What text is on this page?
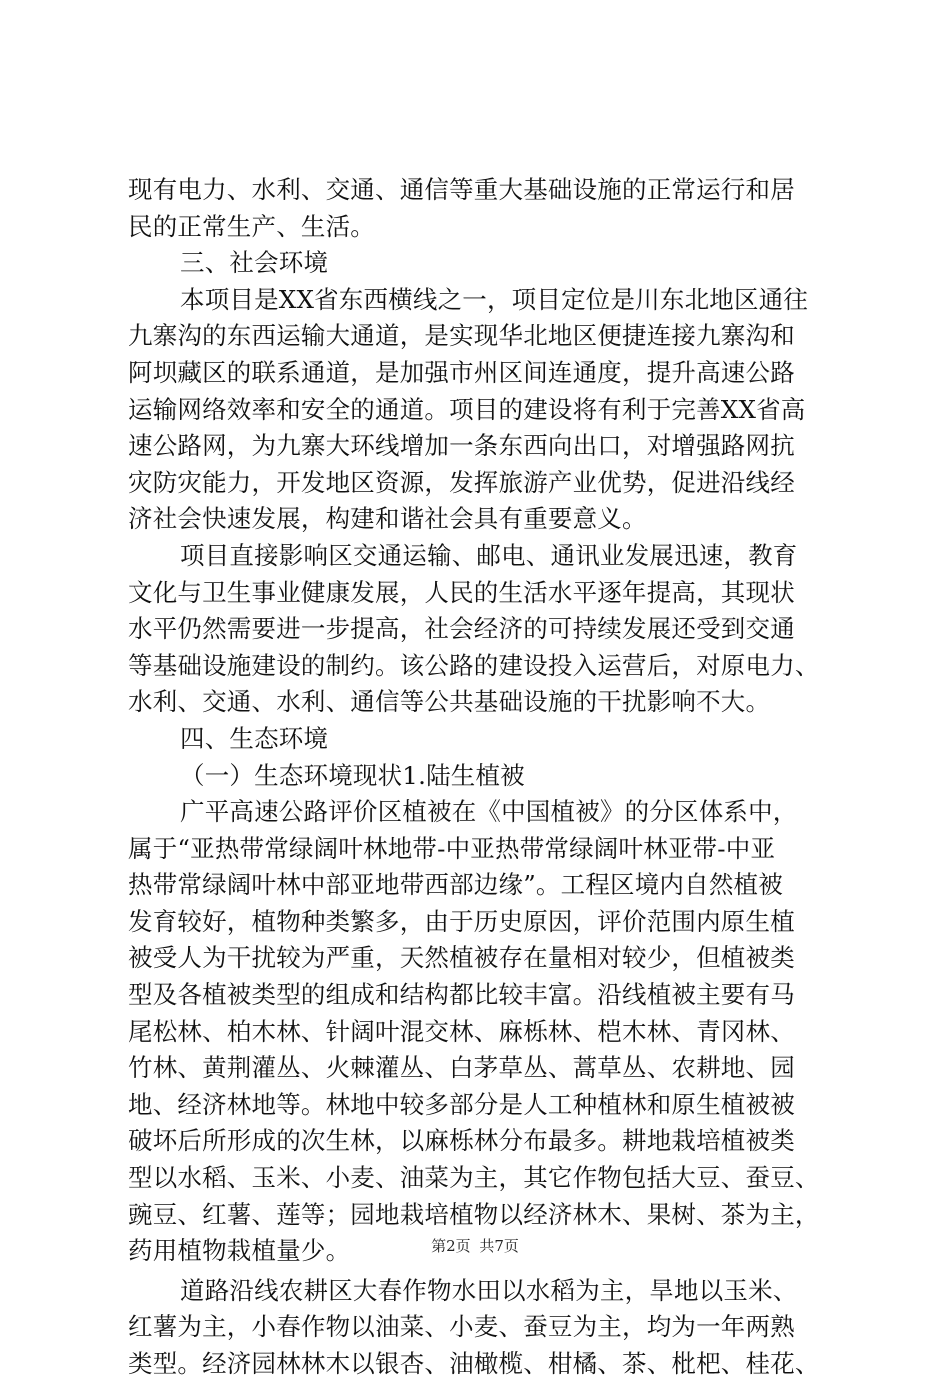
现有电力、水利、交通、通信等重大基础设施的正常运行和居
民的正常生产、生活。
三、社会环境
本项目是XX省东西横线之一，项目定位是川东北地区通往
九寨沟的东西运输大通道，是实现华北地区便捷连接九寨沟和
阿坝藏区的联系通道，是加强市州区间连通度，提升高速公路
运输网络效率和安全的通道。项目的建设将有利于完善XX省高
速公路网，为九寨大环线增加一条东西向出口，对增强路网抗
灾防灾能力，开发地区资源，发挥旅游产业优势，促进沿线经
济社会快速发展，构建和谐社会具有重要意义。
项目直接影响区交通运输、邮电、通讯业发展迅速，教育
文化与卫生事业健康发展，人民的生活水平逐年提高，其现状
水平仍然需要进一步提高，社会经济的可持续发展还受到交通
等基础设施建设的制约。该公路的建设投入运营后，对原电力、
水利、交通、水利、通信等公共基础设施的干扰影响不大。
四、生态环境
（一）生态环境现状1.陆生植被
广平高速公路评价区植被在《中国植被》的分区体系中，
属于“亚热带常绿阔叶林地带-中亚热带常绿阔叶林亚带-中亚
热带常绿阔叶林中部亚地带西部边缘”。工程区境内自然植被
发育较好，植物种类繁多，由于历史原因，评价范围内原生植
被受人为干扰较为严重，天然植被存在量相对较少，但植被类
型及各植被类型的组成和结构都比较丰富。沿线植被主要有马
尾松林、柏木林、针阔叶混交林、麻栎林、桤木林、青冈林、
竹林、黄荆灌丛、火棘灌丛、白茅草丛、蒿草丛、农耕地、园
地、经济林地等。林地中较多部分是人工种植林和原生植被被
破坏后所形成的次生林，以麻栎林分布最多。耕地栽培植被类
型以水稻、玉米、小麦、油菜为主，其它作物包括大豆、蚕豆、
豌豆、红薯、莲等；园地栽培植物以经济林木、果树、茶为主，
药用植物栽植量少。
道路沿线农耕区大春作物水田以水稻为主，旱地以玉米、
红薯为主，小春作物以油菜、小麦、蚕豆为主，均为一年两熟
类型。经济园林林木以银杏、油橄榄、柑橘、茶、枇杷、桂花、
第2页 共7页
